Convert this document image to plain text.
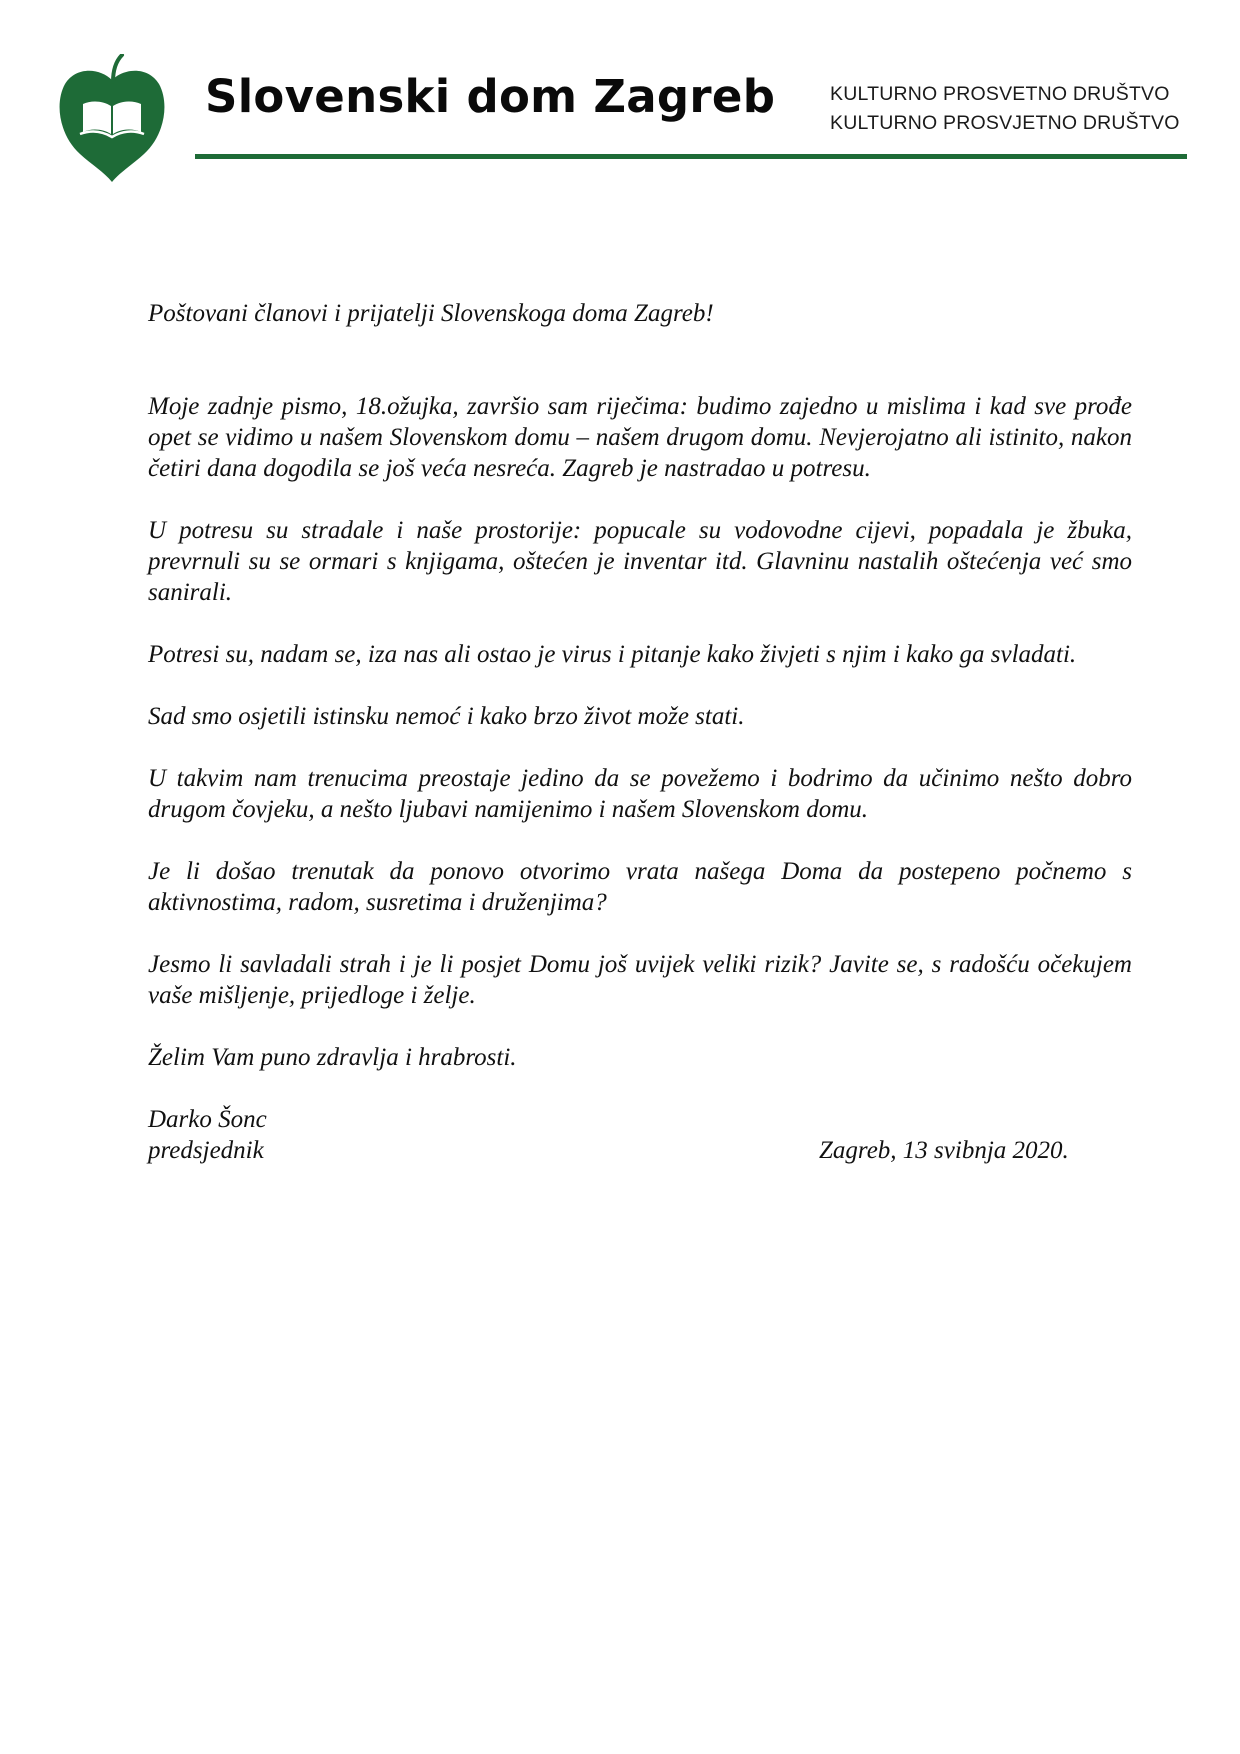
Slovenski dom Zagreb	KULTURNO PROSVETNO DRUŠTVO
KULTURNO PROSVJETNO DRUŠTVO

Poštovani članovi i prijatelji Slovenskoga doma Zagreb!

Moje zadnje pismo, 18.ožujka, završio sam riječima: budimo zajedno u mislima i kad sve prođe opet se vidimo u našem Slovenskom domu – našem drugom domu. Nevjerojatno ali istinito, nakon četiri dana dogodila se još veća nesreća. Zagreb je nastradao u potresu.

U potresu su stradale i naše prostorije: popucale su vodovodne cijevi, popadala je žbuka, prevrnuli su se ormari s knjigama, oštećen je inventar itd. Glavninu nastalih oštećenja već smo sanirali.

Potresi su, nadam se, iza nas ali ostao je virus i pitanje kako živjeti s njim i kako ga svladati.

Sad smo osjetili istinsku nemoć i kako brzo život može stati.

U takvim nam trenucima preostaje jedino da se povežemo i bodrimo da učinimo nešto dobro drugom čovjeku, a nešto ljubavi namijenimo i našem Slovenskom domu.

Je li došao trenutak da ponovo otvorimo vrata našega Doma da postepeno počnemo s aktivnostima, radom, susretima i druženjima?

Jesmo li savladali strah i je li posjet Domu još uvijek veliki rizik? Javite se, s radošću očekujem vaše mišljenje, prijedloge i želje.

Želim Vam puno zdravlja i hrabrosti.

Darko Šonc
predsjednik	Zagreb, 13 svibnja 2020.
